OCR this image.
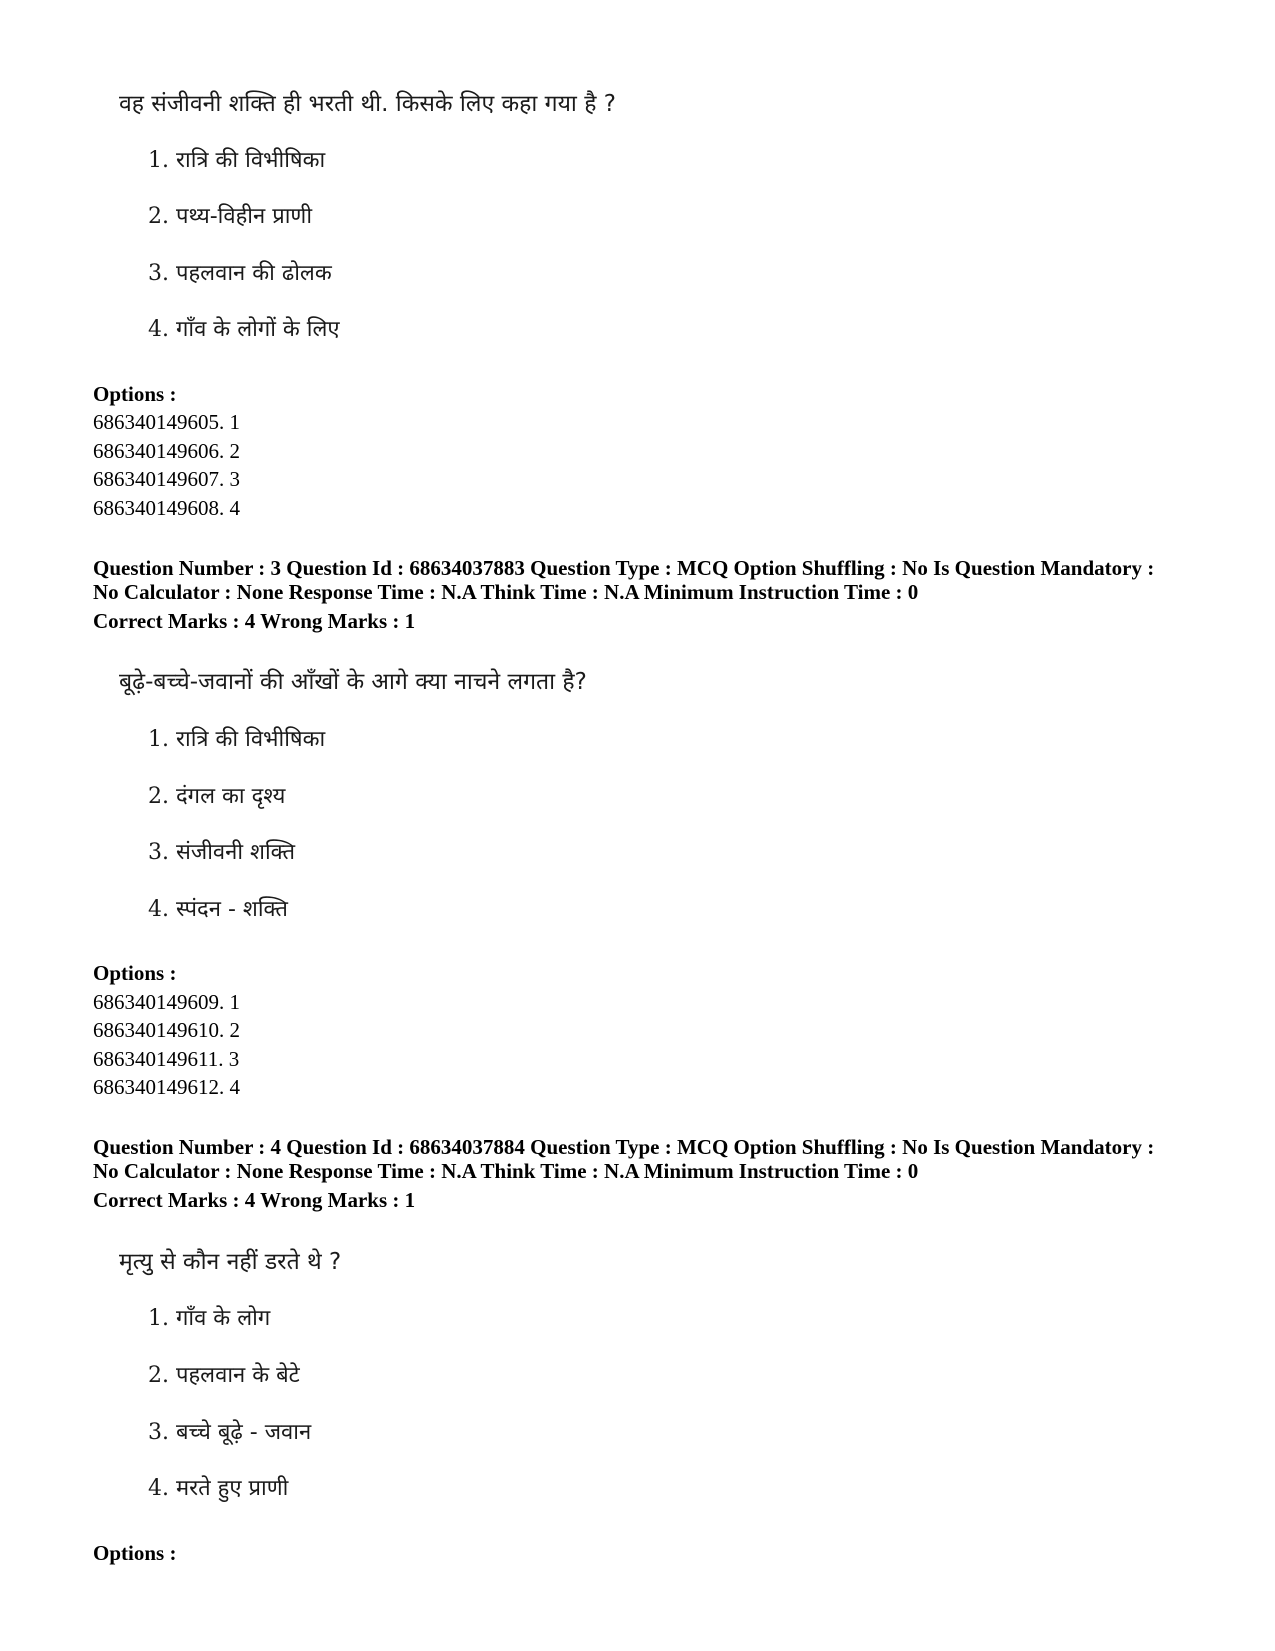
वह संजीवनी शक्ति ही भरती थी. किसके लिए कहा गया है ?
1. रात्रि की विभीषिका
2. पथ्य-विहीन प्राणी
3. पहलवान की ढोलक
4. गाँव के लोगों के लिए
Options :
686340149605. 1
686340149606. 2
686340149607. 3
686340149608. 4
Question Number : 3 Question Id : 68634037883 Question Type : MCQ Option Shuffling : No Is Question Mandatory :
No Calculator : None Response Time : N.A Think Time : N.A Minimum Instruction Time : 0
Correct Marks : 4 Wrong Marks : 1
बूढ़े-बच्चे-जवानों की आँखों के आगे क्या नाचने लगता है?
1. रात्रि की विभीषिका
2. दंगल का दृश्य
3. संजीवनी शक्ति
4. स्पंदन - शक्ति
Options :
686340149609. 1
686340149610. 2
686340149611. 3
686340149612. 4
Question Number : 4 Question Id : 68634037884 Question Type : MCQ Option Shuffling : No Is Question Mandatory :
No Calculator : None Response Time : N.A Think Time : N.A Minimum Instruction Time : 0
Correct Marks : 4 Wrong Marks : 1
मृत्यु से कौन नहीं डरते थे ?
1. गाँव के लोग
2. पहलवान के बेटे
3. बच्चे बूढ़े - जवान
4. मरते हुए प्राणी
Options :
